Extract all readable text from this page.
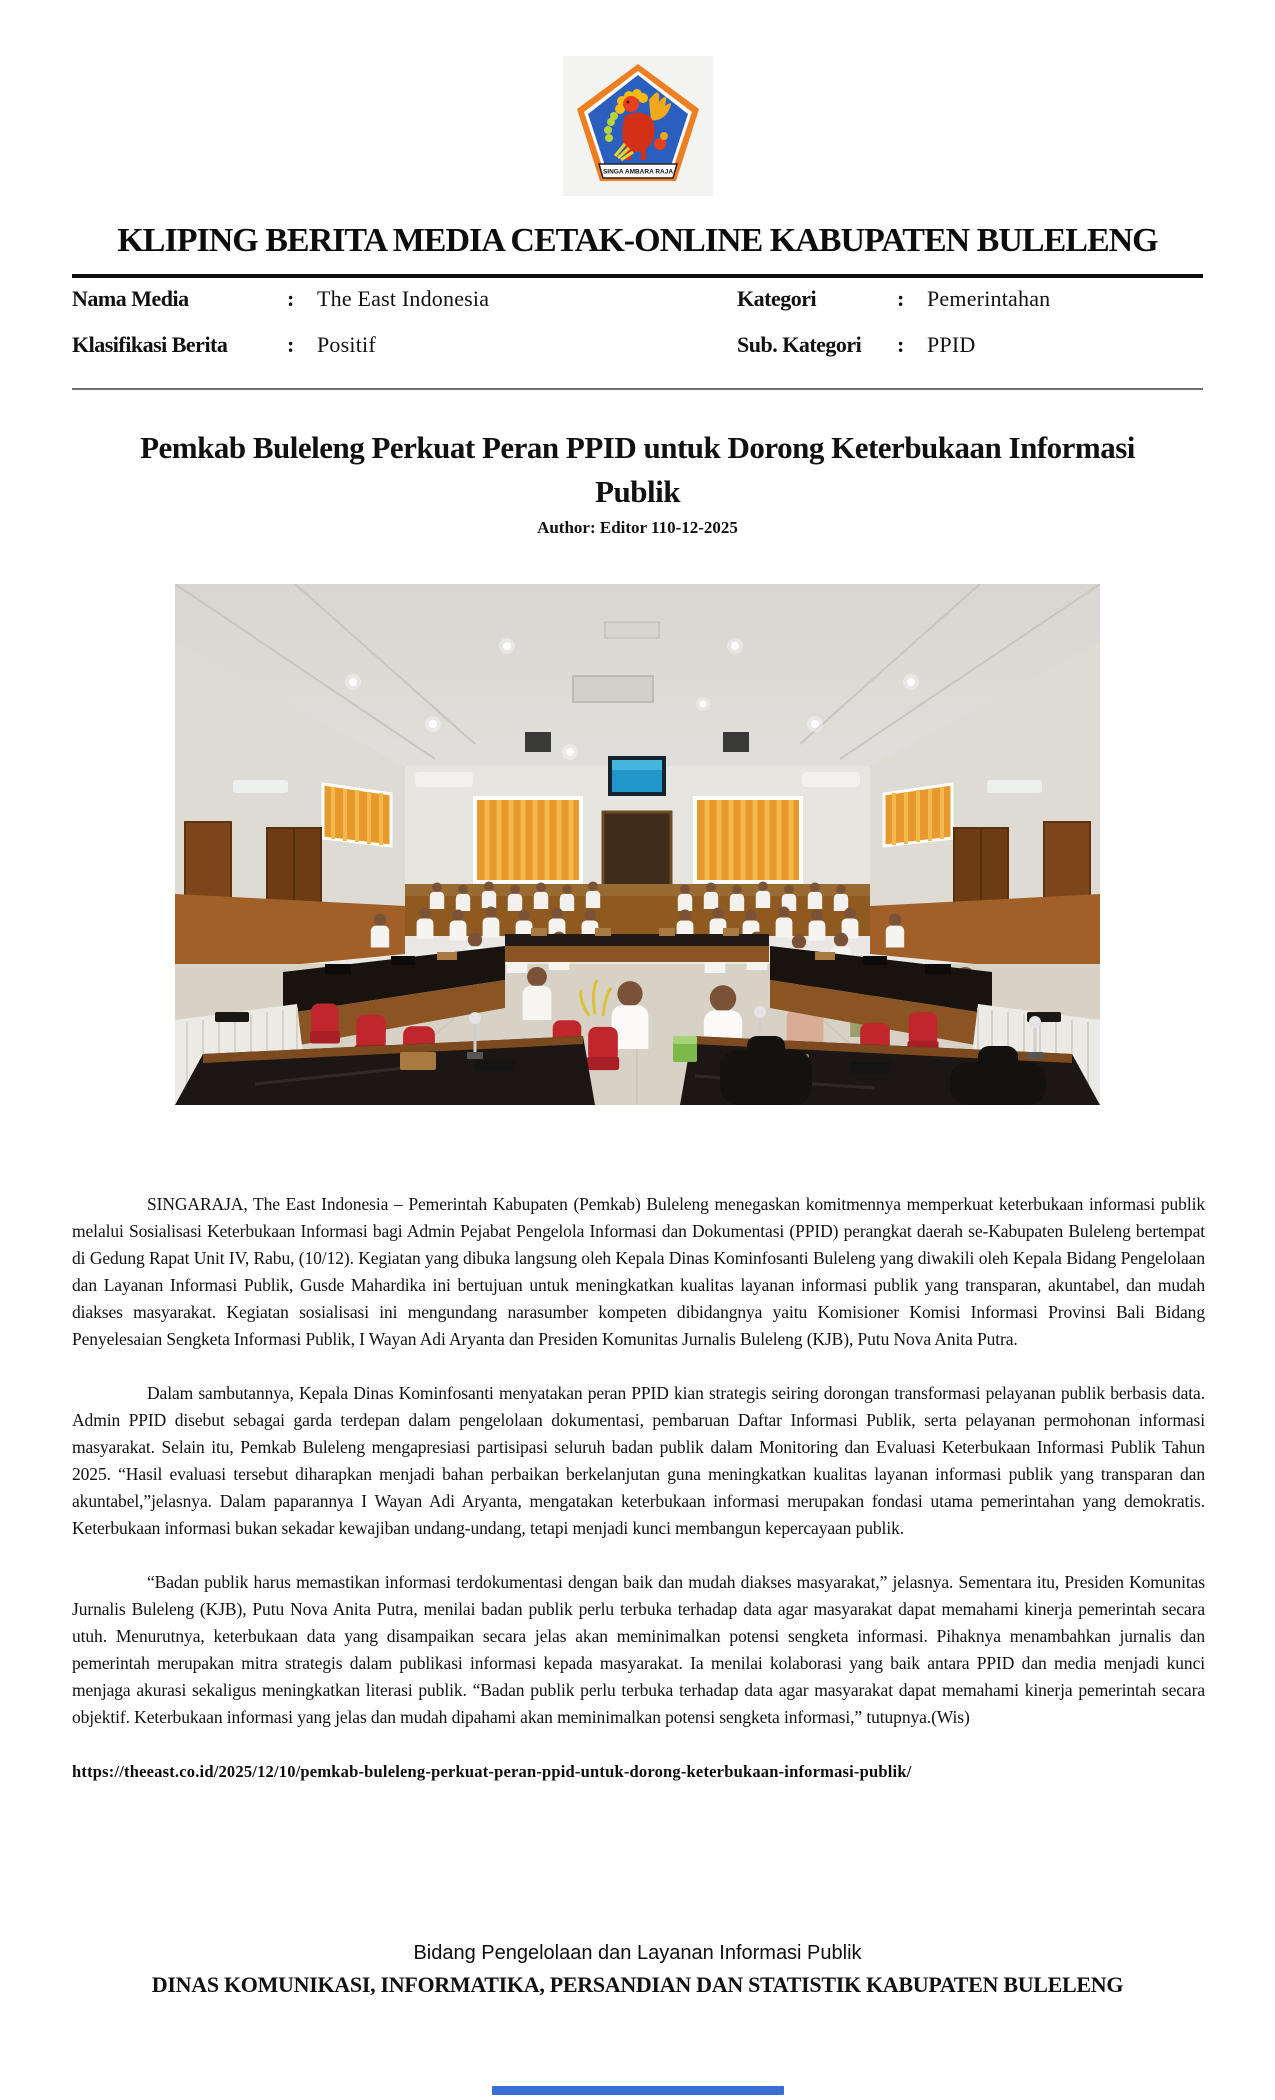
SINGA AMBARA RAJA
KLIPING BERITA MEDIA CETAK-ONLINE KABUPATEN BULELENG
Nama Media	:	The East Indonesia	Kategori	:	Pemerintahan
Klasifikasi Berita	:	Positif	Sub. Kategori	:	PPID
Pemkab Buleleng Perkuat Peran PPID untuk Dorong Keterbukaan Informasi Publik
Author: Editor 110-12-2025

SINGARAJA, The East Indonesia – Pemerintah Kabupaten (Pemkab) Buleleng menegaskan komitmennya memperkuat keterbukaan informasi publik melalui Sosialisasi Keterbukaan Informasi bagi Admin Pejabat Pengelola Informasi dan Dokumentasi (PPID) perangkat daerah se-Kabupaten Buleleng bertempat di Gedung Rapat Unit IV, Rabu, (10/12). Kegiatan yang dibuka langsung oleh Kepala Dinas Kominfosanti Buleleng yang diwakili oleh Kepala Bidang Pengelolaan dan Layanan Informasi Publik, Gusde Mahardika ini bertujuan untuk meningkatkan kualitas layanan informasi publik yang transparan, akuntabel, dan mudah diakses masyarakat. Kegiatan sosialisasi ini mengundang narasumber kompeten dibidangnya yaitu Komisioner Komisi Informasi Provinsi Bali Bidang Penyelesaian Sengketa Informasi Publik, I Wayan Adi Aryanta dan Presiden Komunitas Jurnalis Buleleng (KJB), Putu Nova Anita Putra.

Dalam sambutannya, Kepala Dinas Kominfosanti menyatakan peran PPID kian strategis seiring dorongan transformasi pelayanan publik berbasis data. Admin PPID disebut sebagai garda terdepan dalam pengelolaan dokumentasi, pembaruan Daftar Informasi Publik, serta pelayanan permohonan informasi masyarakat. Selain itu, Pemkab Buleleng mengapresiasi partisipasi seluruh badan publik dalam Monitoring dan Evaluasi Keterbukaan Informasi Publik Tahun 2025. “Hasil evaluasi tersebut diharapkan menjadi bahan perbaikan berkelanjutan guna meningkatkan kualitas layanan informasi publik yang transparan dan akuntabel,”jelasnya. Dalam paparannya I Wayan Adi Aryanta, mengatakan keterbukaan informasi merupakan fondasi utama pemerintahan yang demokratis. Keterbukaan informasi bukan sekadar kewajiban undang-undang, tetapi menjadi kunci membangun kepercayaan publik.

“Badan publik harus memastikan informasi terdokumentasi dengan baik dan mudah diakses masyarakat,” jelasnya. Sementara itu, Presiden Komunitas Jurnalis Buleleng (KJB), Putu Nova Anita Putra, menilai badan publik perlu terbuka terhadap data agar masyarakat dapat memahami kinerja pemerintah secara utuh. Menurutnya, keterbukaan data yang disampaikan secara jelas akan meminimalkan potensi sengketa informasi. Pihaknya menambahkan jurnalis dan pemerintah merupakan mitra strategis dalam publikasi informasi kepada masyarakat. Ia menilai kolaborasi yang baik antara PPID dan media menjadi kunci menjaga akurasi sekaligus meningkatkan literasi publik. “Badan publik perlu terbuka terhadap data agar masyarakat dapat memahami kinerja pemerintah secara objektif. Keterbukaan informasi yang jelas dan mudah dipahami akan meminimalkan potensi sengketa informasi,” tutupnya.(Wis)

https://theeast.co.id/2025/12/10/pemkab-buleleng-perkuat-peran-ppid-untuk-dorong-keterbukaan-informasi-publik/
Bidang Pengelolaan dan Layanan Informasi Publik
DINAS KOMUNIKASI, INFORMATIKA, PERSANDIAN DAN STATISTIK KABUPATEN BULELENG
